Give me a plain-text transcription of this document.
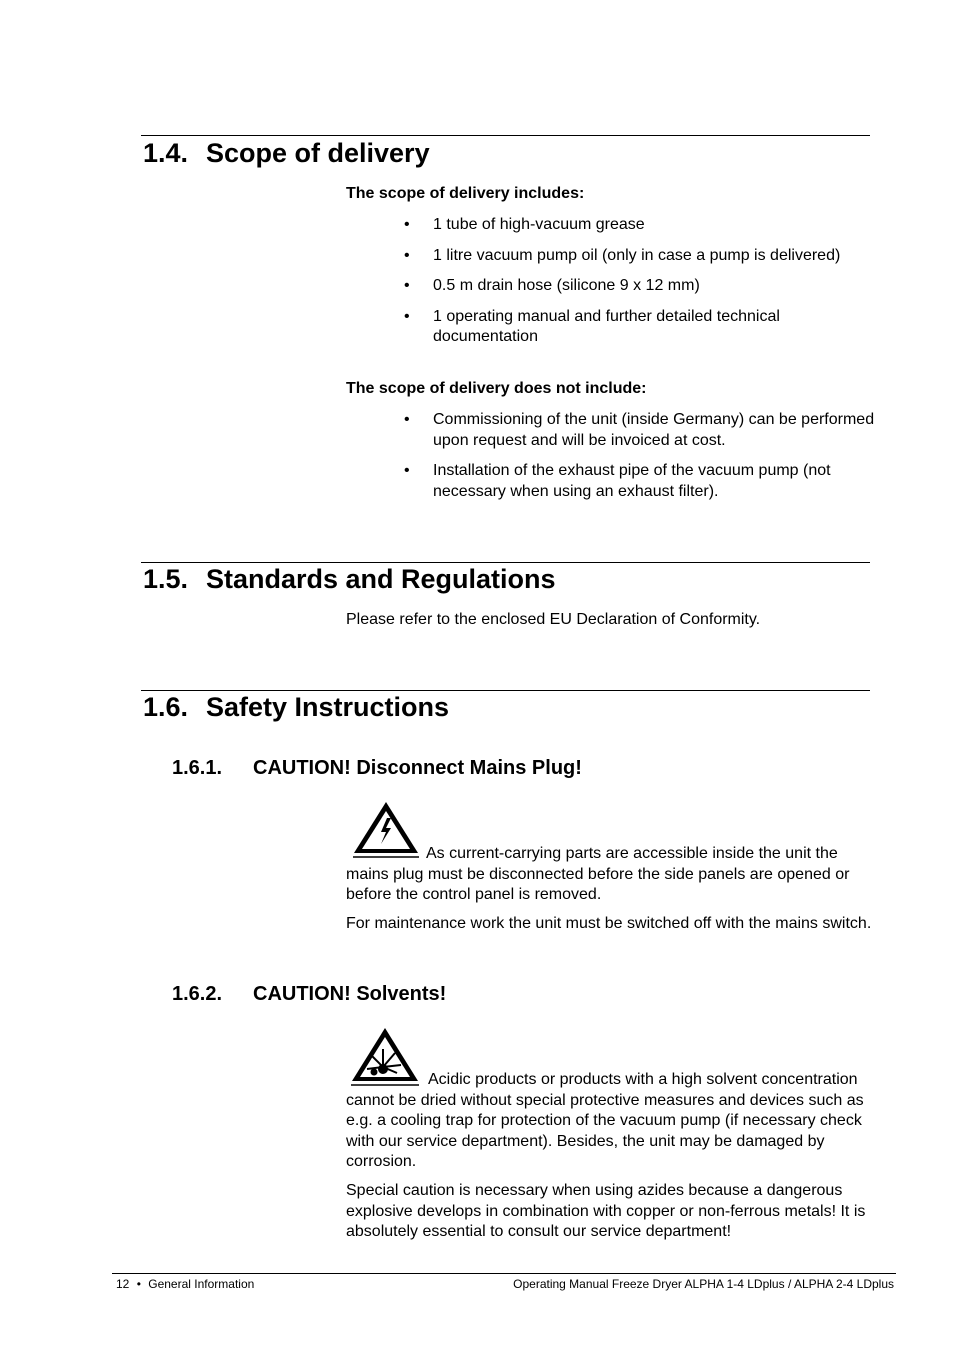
1.4. Scope of delivery

The scope of delivery includes:

• 1 tube of high-vacuum grease
• 1 litre vacuum pump oil (only in case a pump is delivered)
• 0.5 m drain hose (silicone 9 x 12 mm)
• 1 operating manual and further detailed technical documentation

The scope of delivery does not include:

• Commissioning of the unit (inside Germany) can be performed upon request and will be invoiced at cost.
• Installation of the exhaust pipe of the vacuum pump (not necessary when using an exhaust filter).
1.5. Standards and Regulations

Please refer to the enclosed EU Declaration of Conformity.

1.6. Safety Instructions
1.6.1. CAUTION! Disconnect Mains Plug!

As current-carrying parts are accessible inside the unit the mains plug must be disconnected before the side panels are opened or before the control panel is removed.

For maintenance work the unit must be switched off with the mains switch.

1.6.2. CAUTION! Solvents!

Acidic products or products with a high solvent concentration cannot be dried without special protective measures and devices such as e.g. a cooling trap for protection of the vacuum pump (if necessary check with our service department). Besides, the unit may be damaged by corrosion.

Special caution is necessary when using azides because a dangerous explosive develops in combination with copper or non-ferrous metals! It is absolutely essential to consult our service department!

12 • General Information	Operating Manual Freeze Dryer ALPHA 1-4 LDplus / ALPHA 2-4 LDplus
